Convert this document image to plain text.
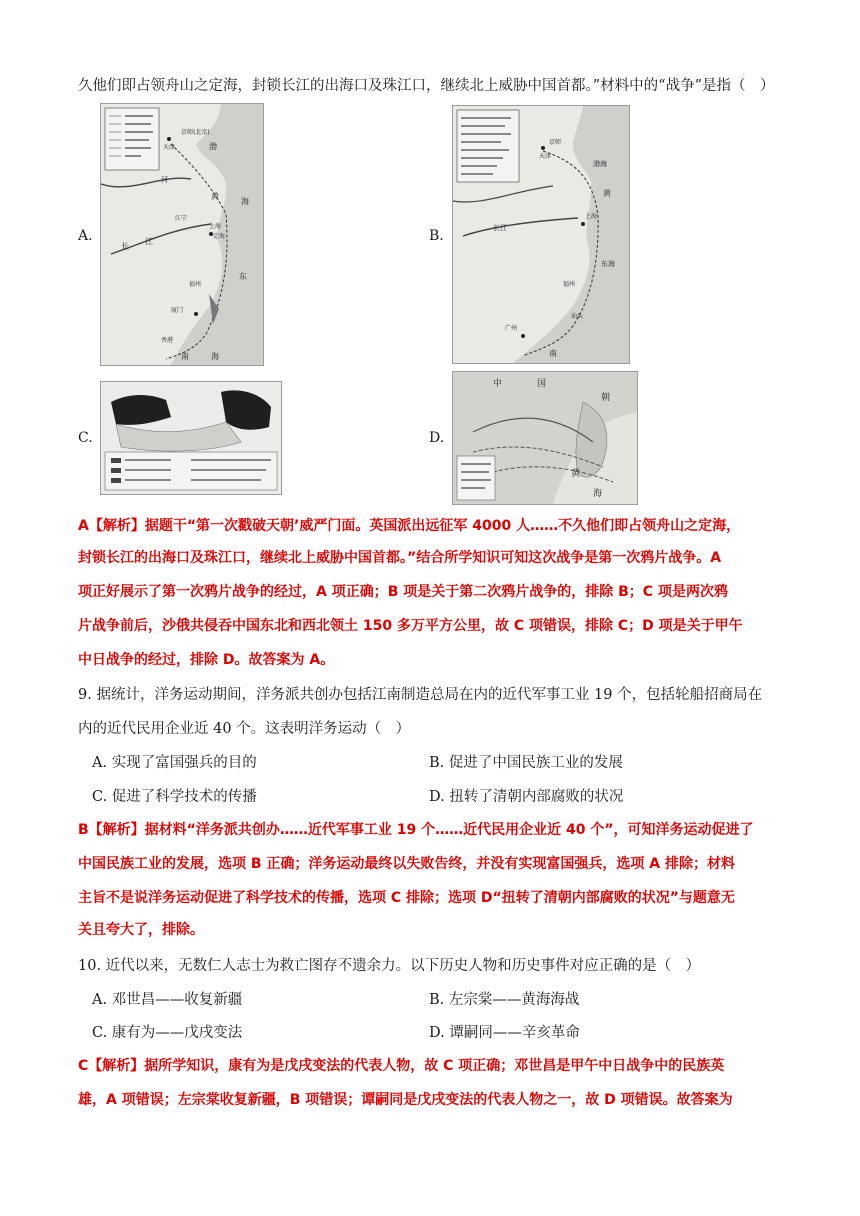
久他们即占领舟山之定海，封锁长江的出海口及珠江口，继续北上威胁中国首都。”材料中的“战争”是指（　）
A.	B.
C.	D.
京师(北京)
天津	渤
黄
海
东
江宁
上海
定海
福州
厦门
香港
长
江
南	海
河
京师
天津
渤海
黄
东海
长江
上海
广州
福州
汕头
南
中	国
朝
黄
海
A【解析】据题干“第一次戳破天朝’威严门面。英国派出远征军 4000 人……不久他们即占领舟山之定海，
封锁长江的出海口及珠江口，继续北上威胁中国首都。”结合所学知识可知这次战争是第一次鸦片战争。A
项正好展示了第一次鸦片战争的经过，A 项正确；B 项是关于第二次鸦片战争的，排除 B；C 项是两次鸦
片战争前后，沙俄共侵吞中国东北和西北领土 150 多万平方公里，故 C 项错误，排除 C；D 项是关于甲午
中日战争的经过，排除 D。故答案为 A。
9. 据统计，洋务运动期间，洋务派共创办包括江南制造总局在内的近代军事工业 19 个，包括轮船招商局在
内的近代民用企业近 40 个。这表明洋务运动（　）
A. 实现了富国强兵的目的	B. 促进了中国民族工业的发展
C. 促进了科学技术的传播	D. 扭转了清朝内部腐败的状况
B【解析】据材料“洋务派共创办……近代军事工业 19 个……近代民用企业近 40 个”，可知洋务运动促进了
中国民族工业的发展，选项 B 正确；洋务运动最终以失败告终，并没有实现富国强兵，选项 A 排除；材料
主旨不是说洋务运动促进了科学技术的传播，选项 C 排除；选项 D“扭转了清朝内部腐败的状况”与题意无
关且夸大了，排除。
10. 近代以来，无数仁人志士为救亡图存不遗余力。以下历史人物和历史事件对应正确的是（　）
A. 邓世昌——收复新疆	B. 左宗棠——黄海海战
C. 康有为——戊戌变法	D. 谭嗣同——辛亥革命
C【解析】据所学知识，康有为是戊戌变法的代表人物，故 C 项正确；邓世昌是甲午中日战争中的民族英
雄，A 项错误；左宗棠收复新疆，B 项错误；谭嗣同是戊戌变法的代表人物之一，故 D 项错误。故答案为
